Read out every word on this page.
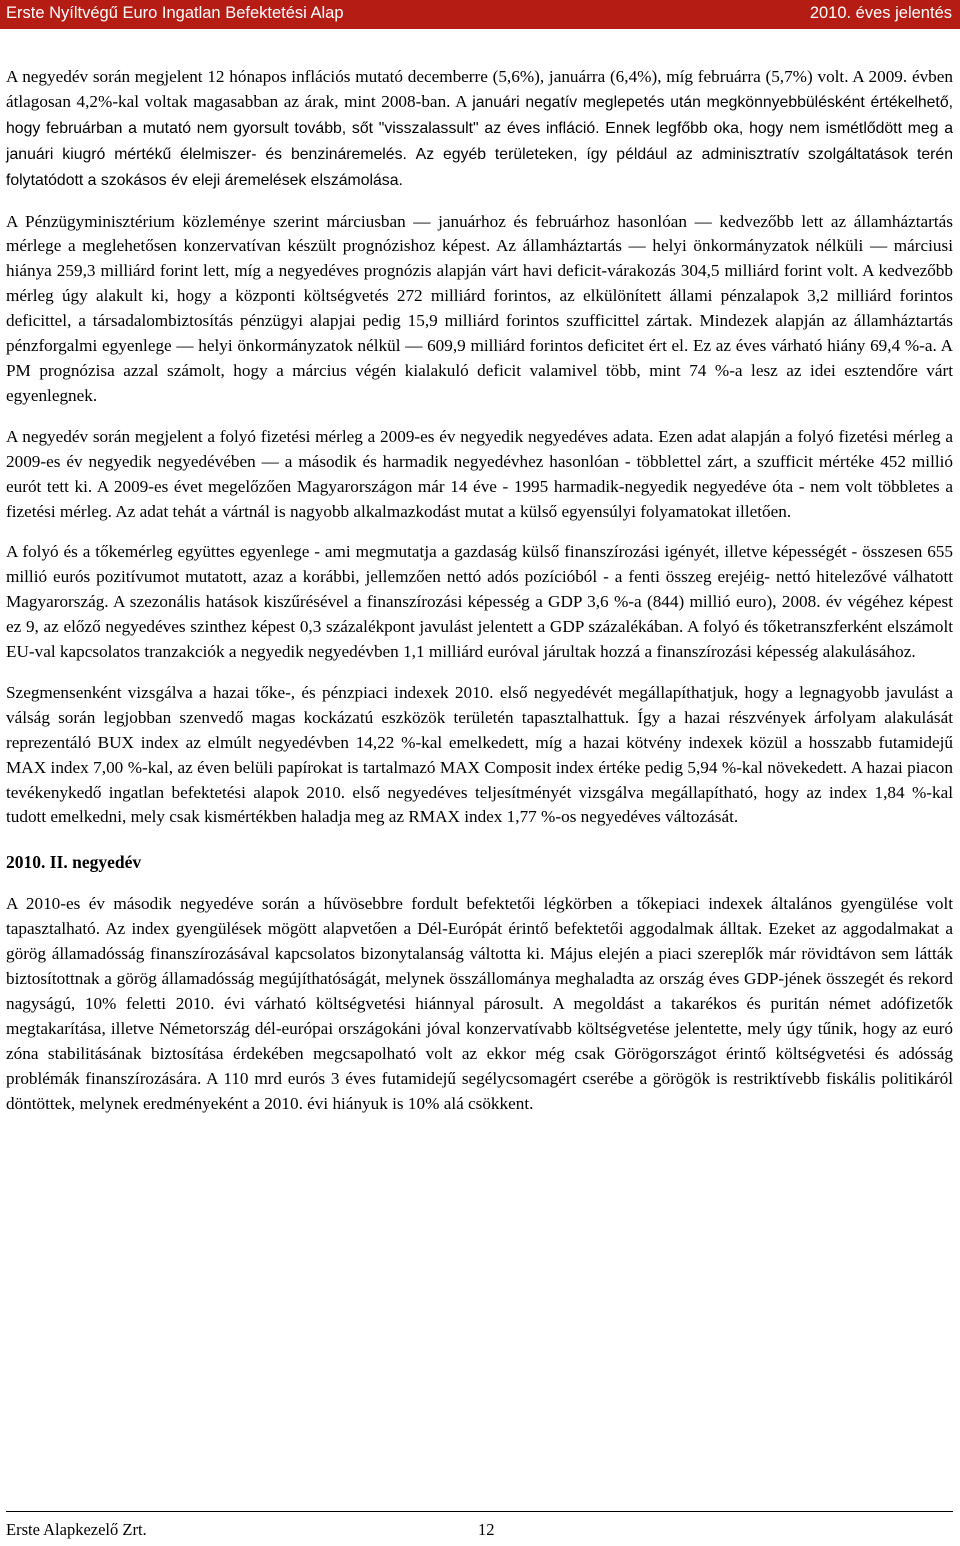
Erste Nyíltvégű Euro Ingatlan Befektetési Alap	2010. éves jelentés

A negyedév során megjelent 12 hónapos inflációs mutató decemberre (5,6%), januárra (6,4%), míg februárra (5,7%) volt. A 2009. évben átlagosan 4,2%-kal voltak magasabban az árak, mint 2008-ban. A januári negatív meglepetés után megkönnyebbülésként értékelhető, hogy februárban a mutató nem gyorsult tovább, sőt "visszalassult" az éves infláció. Ennek legfőbb oka, hogy nem ismétlődött meg a januári kiugró mértékű élelmiszer- és benzináremelés. Az egyéb területeken, így például az adminisztratív szolgáltatások terén folytatódott a szokásos év eleji áremelések elszámolása.

A Pénzügyminisztérium közleménye szerint márciusban — januárhoz és februárhoz hasonlóan — kedvezőbb lett az államháztartás mérlege a meglehetősen konzervatívan készült prognózishoz képest. Az államháztartás — helyi önkormányzatok nélküli — márciusi hiánya 259,3 milliárd forint lett, míg a negyedéves prognózis alapján várt havi deficit-várakozás 304,5 milliárd forint volt. A kedvezőbb mérleg úgy alakult ki, hogy a központi költségvetés 272 milliárd forintos, az elkülönített állami pénzalapok 3,2 milliárd forintos deficittel, a társadalombiztosítás pénzügyi alapjai pedig 15,9 milliárd forintos szufficittel zártak. Mindezek alapján az államháztartás pénzforgalmi egyenlege — helyi önkormányzatok nélkül — 609,9 milliárd forintos deficitet ért el. Ez az éves várható hiány 69,4 %-a. A PM prognózisa azzal számolt, hogy a március végén kialakuló deficit valamivel több, mint 74 %-a lesz az idei esztendőre várt egyenlegnek.

A negyedév során megjelent a folyó fizetési mérleg a 2009-es év negyedik negyedéves adata. Ezen adat alapján a folyó fizetési mérleg a 2009-es év negyedik negyedévében — a második és harmadik negyedévhez hasonlóan - többlettel zárt, a szufficit mértéke 452 millió eurót tett ki. A 2009-es évet megelőzően Magyarországon már 14 éve - 1995 harmadik-negyedik negyedéve óta - nem volt többletes a fizetési mérleg. Az adat tehát a vártnál is nagyobb alkalmazkodást mutat a külső egyensúlyi folyamatokat illetően.

A folyó és a tőkemérleg együttes egyenlege - ami megmutatja a gazdaság külső finanszírozási igényét, illetve képességét - összesen 655 millió eurós pozitívumot mutatott, azaz a korábbi, jellemzően nettó adós pozícióból - a fenti összeg erejéig- nettó hitelezővé válhatott Magyarország. A szezonális hatások kiszűrésével a finanszírozási képesség a GDP 3,6 %-a (844) millió euro), 2008. év végéhez képest ez 9, az előző negyedéves szinthez képest 0,3 százalékpont javulást jelentett a GDP százalékában. A folyó és tőketranszferként elszámolt EU-val kapcsolatos tranzakciók a negyedik negyedévben 1,1 milliárd euróval járultak hozzá a finanszírozási képesség alakulásához.

Szegmensenként vizsgálva a hazai tőke-, és pénzpiaci indexek 2010. első negyedévét megállapíthatjuk, hogy a legnagyobb javulást a válság során legjobban szenvedő magas kockázatú eszközök területén tapasztalhattuk. Így a hazai részvények árfolyam alakulását reprezentáló BUX index az elmúlt negyedévben 14,22 %-kal emelkedett, míg a hazai kötvény indexek közül a hosszabb futamidejű MAX index 7,00 %-kal, az éven belüli papírokat is tartalmazó MAX Composit index értéke pedig 5,94 %-kal növekedett. A hazai piacon tevékenykedő ingatlan befektetési alapok 2010. első negyedéves teljesítményét vizsgálva megállapítható, hogy az index 1,84 %-kal tudott emelkedni, mely csak kismértékben haladja meg az RMAX index 1,77 %-os negyedéves változását.

2010. II. negyedév

A 2010-es év második negyedéve során a hűvösebbre fordult befektetői légkörben a tőkepiaci indexek általános gyengülése volt tapasztalható. Az index gyengülések mögött alapvetően a Dél-Európát érintő befektetői aggodalmak álltak. Ezeket az aggodalmakat a görög államadósság finanszírozásával kapcsolatos bizonytalanság váltotta ki. Május elején a piaci szereplők már rövidtávon sem látták biztosítottnak a görög államadósság megújíthatóságát, melynek összállománya meghaladta az ország éves GDP-jének összegét és rekord nagyságú, 10% feletti 2010. évi várható költségvetési hiánnyal párosult. A megoldást a takarékos és puritán német adófizetők megtakarítása, illetve Németország dél-európai országokáni jóval konzervatívabb költségvetése jelentette, mely úgy tűnik, hogy az euró zóna stabilitásának biztosítása érdekében megcsapolható volt az ekkor még csak Görögországot érintő költségvetési és adósság problémák finanszírozására. A 110 mrd eurós 3 éves futamidejű segélycsomagért cserébe a görögök is restriktívebb fiskális politikáról döntöttek, melynek eredményeként a 2010. évi hiányuk is 10% alá csökkent.

Erste Alapkezelő Zrt.	12
